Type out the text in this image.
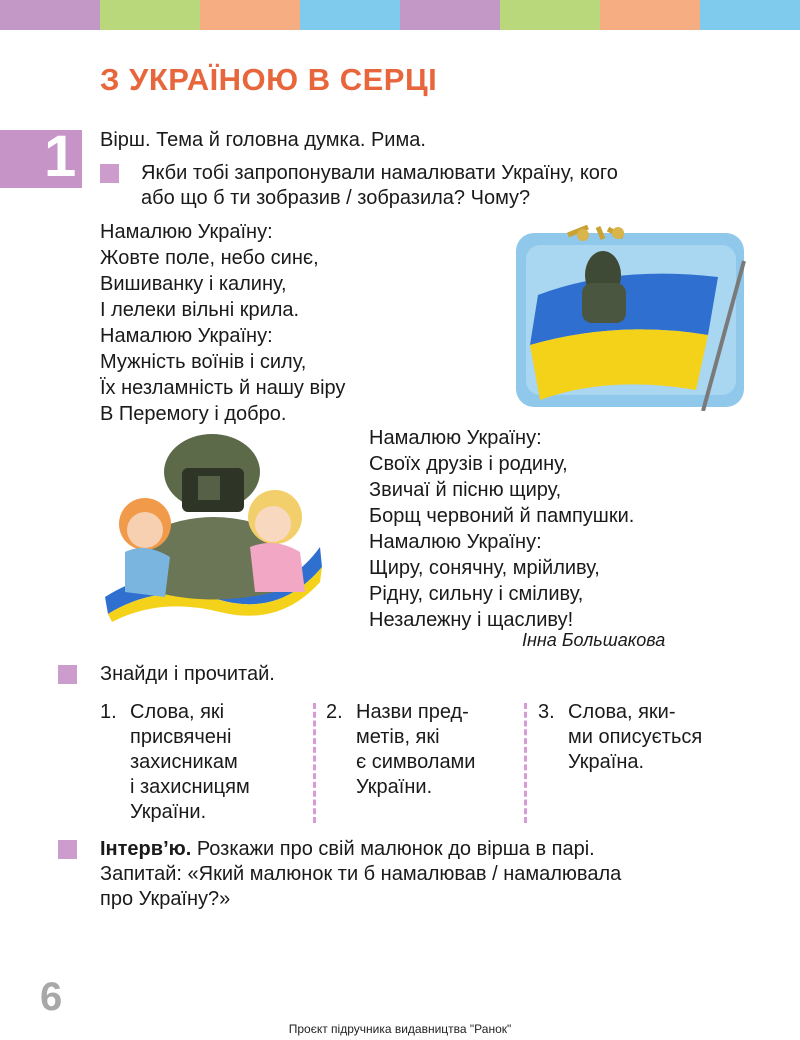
З УКРАЇНОЮ В СЕРЦІ
1 Вірш. Тема й головна думка. Рима.
Якби тобі запропонували намалювати Україну, кого
або що б ти зобразив / зобразила? Чому?
Намалюю Україну:
Жовте поле, небо синє,
Вишиванку і калину,
І лелеки вільні крила.
Намалюю Україну:
Мужність воїнів і силу,
Їх незламність й нашу віру
В Перемогу і добро.
Намалюю Україну:
Своїх друзів і родину,
Звичаї й пісню щиру,
Борщ червоний й пампушки.
Намалюю Україну:
Щиру, сонячну, мрійливу,
Рідну, сильну і сміливу,
Незалежну і щасливу!
Інна Большакова
Знайди і прочитай.
1. Слова, які
присвячені
захисникам
і захисницям
України.
2. Назви пред-
метів, які
є символами
України.
3. Слова, яки-
ми описується
Україна.
Інтерв’ю. Розкажи про свій малюнок до вірша в парі.
Запитай: «Який малюнок ти б намалював / намалювала
про Україну?»
6
Проєкт підручника видавництва "Ранок"
